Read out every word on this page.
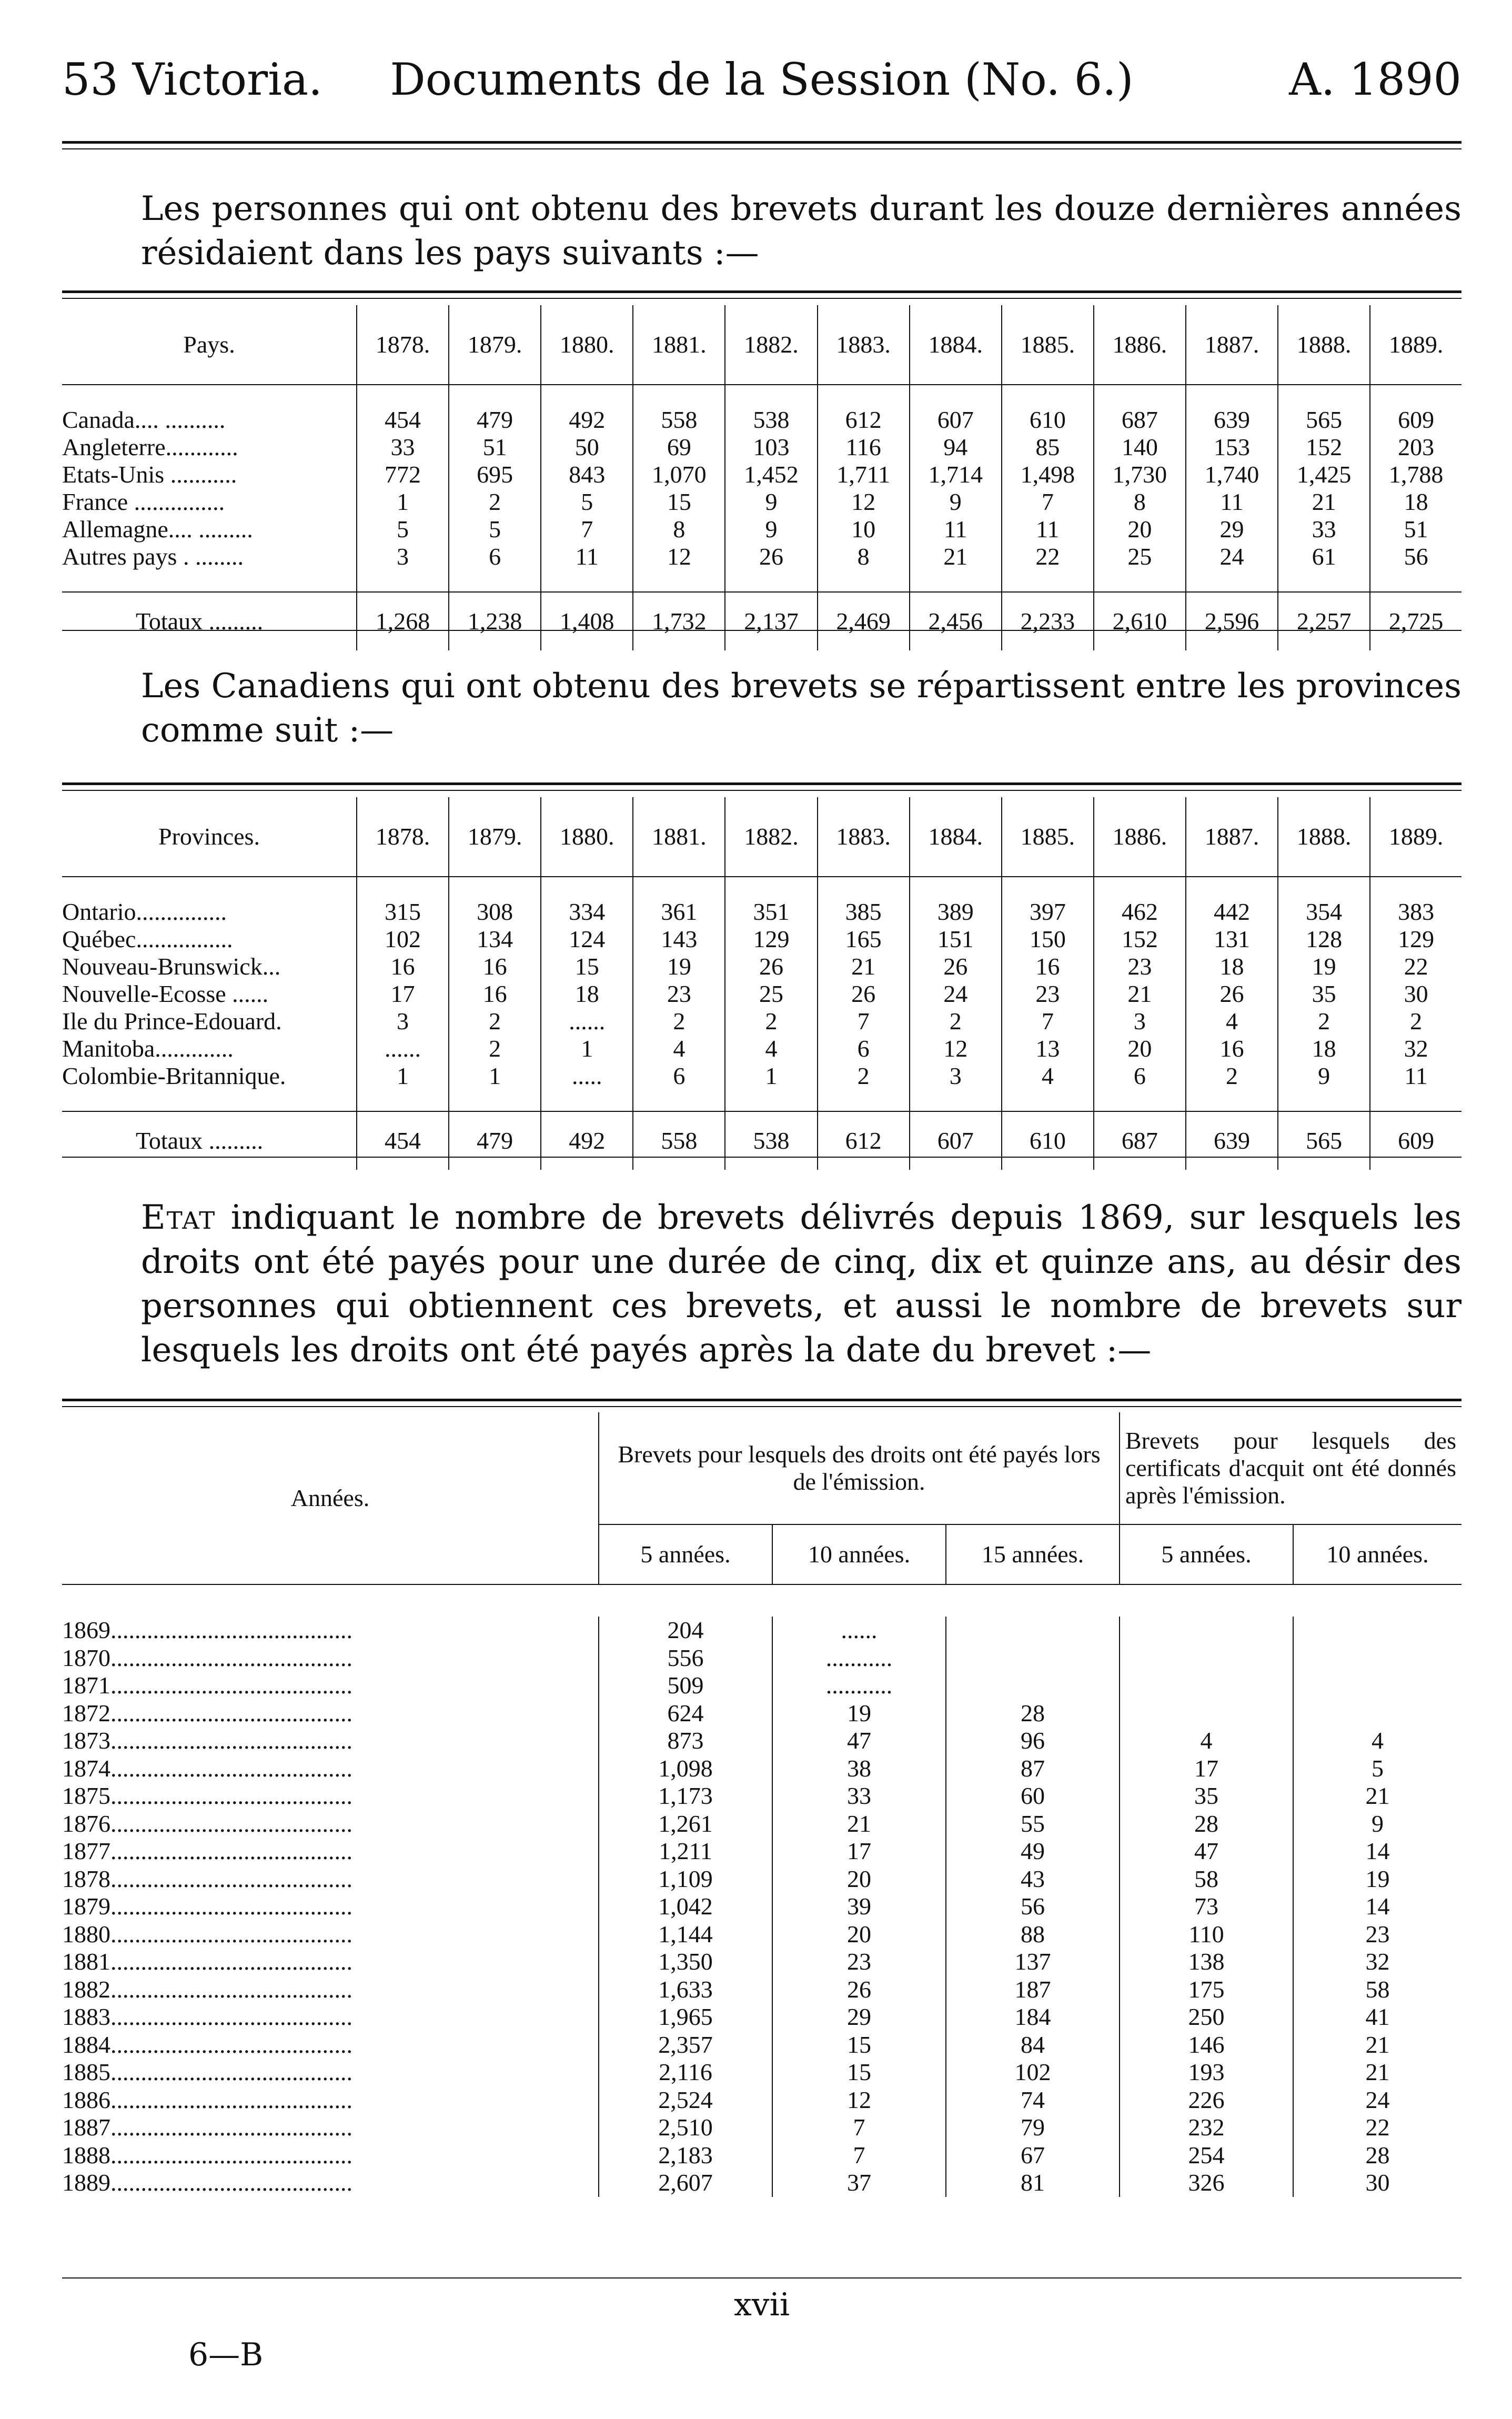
53 Victoria.	Documents de la Session (No. 6.)	A. 1890
Les personnes qui ont obtenu des brevets durant les douze dernières années résidaient dans les pays suivants :—
Pays.	1878.	1879.	1880.	1881.	1882.	1883.	1884.	1885.	1886.	1887.	1888.	1889.

Canada.... ..........	454	479	492	558	538	612	607	610	687	639	565	609
Angleterre............	33	51	50	69	103	116	94	85	140	153	152	203
Etats-Unis ...........	772	695	843	1,070	1,452	1,711	1,714	1,498	1,730	1,740	1,425	1,788
France ...............	1	2	5	15	9	12	9	7	8	11	21	18
Allemagne.... .........	5	5	7	8	9	10	11	11	20	29	33	51
Autres pays . ........	3	6	11	12	26	8	21	22	25	24	61	56

Totaux .........	1,268	1,238	1,408	1,732	2,137	2,469	2,456	2,233	2,610	2,596	2,257	2,725
Les Canadiens qui ont obtenu des brevets se répartissent entre les provinces comme suit :—
Provinces.	1878.	1879.	1880.	1881.	1882.	1883.	1884.	1885.	1886.	1887.	1888.	1889.

Ontario...............	315	308	334	361	351	385	389	397	462	442	354	383
Québec................	102	134	124	143	129	165	151	150	152	131	128	129
Nouveau-Brunswick...	16	16	15	19	26	21	26	16	23	18	19	22
Nouvelle-Ecosse ......	17	16	18	23	25	26	24	23	21	26	35	30
Ile du Prince-Edouard.	3	2	......	2	2	7	2	7	3	4	2	2
Manitoba.............	......	2	1	4	4	6	12	13	20	16	18	32
Colombie-Britannique.	1	1	.....	6	1	2	3	4	6	2	9	11

Totaux .........	454	479	492	558	538	612	607	610	687	639	565	609
Etat indiquant le nombre de brevets délivrés depuis 1869, sur lesquels les droits ont été payés pour une durée de cinq, dix et quinze ans, au désir des personnes qui obtiennent ces brevets, et aussi le nombre de brevets sur lesquels les droits ont été payés après la date du brevet :—
Années.	Brevets pour lesquels des droits ont été payés lors de l'émission.			Brevets pour lesquels des certificats d'acquit ont été donnés après l'émission.	
	5 années.	10 années.	15 années.	5 années.	10 années.

1869........................................	204	......			
1870........................................	556	...........			
1871........................................	509	...........			
1872........................................	624	19	28		
1873........................................	873	47	96	4	4
1874........................................	1,098	38	87	17	5
1875........................................	1,173	33	60	35	21
1876........................................	1,261	21	55	28	9
1877........................................	1,211	17	49	47	14
1878........................................	1,109	20	43	58	19
1879........................................	1,042	39	56	73	14
1880........................................	1,144	20	88	110	23
1881........................................	1,350	23	137	138	32
1882........................................	1,633	26	187	175	58
1883........................................	1,965	29	184	250	41
1884........................................	2,357	15	84	146	21
1885........................................	2,116	15	102	193	21
1886........................................	2,524	12	74	226	24
1887........................................	2,510	7	79	232	22
1888........................................	2,183	7	67	254	28
1889........................................	2,607	37	81	326	30
xvii
6—B
